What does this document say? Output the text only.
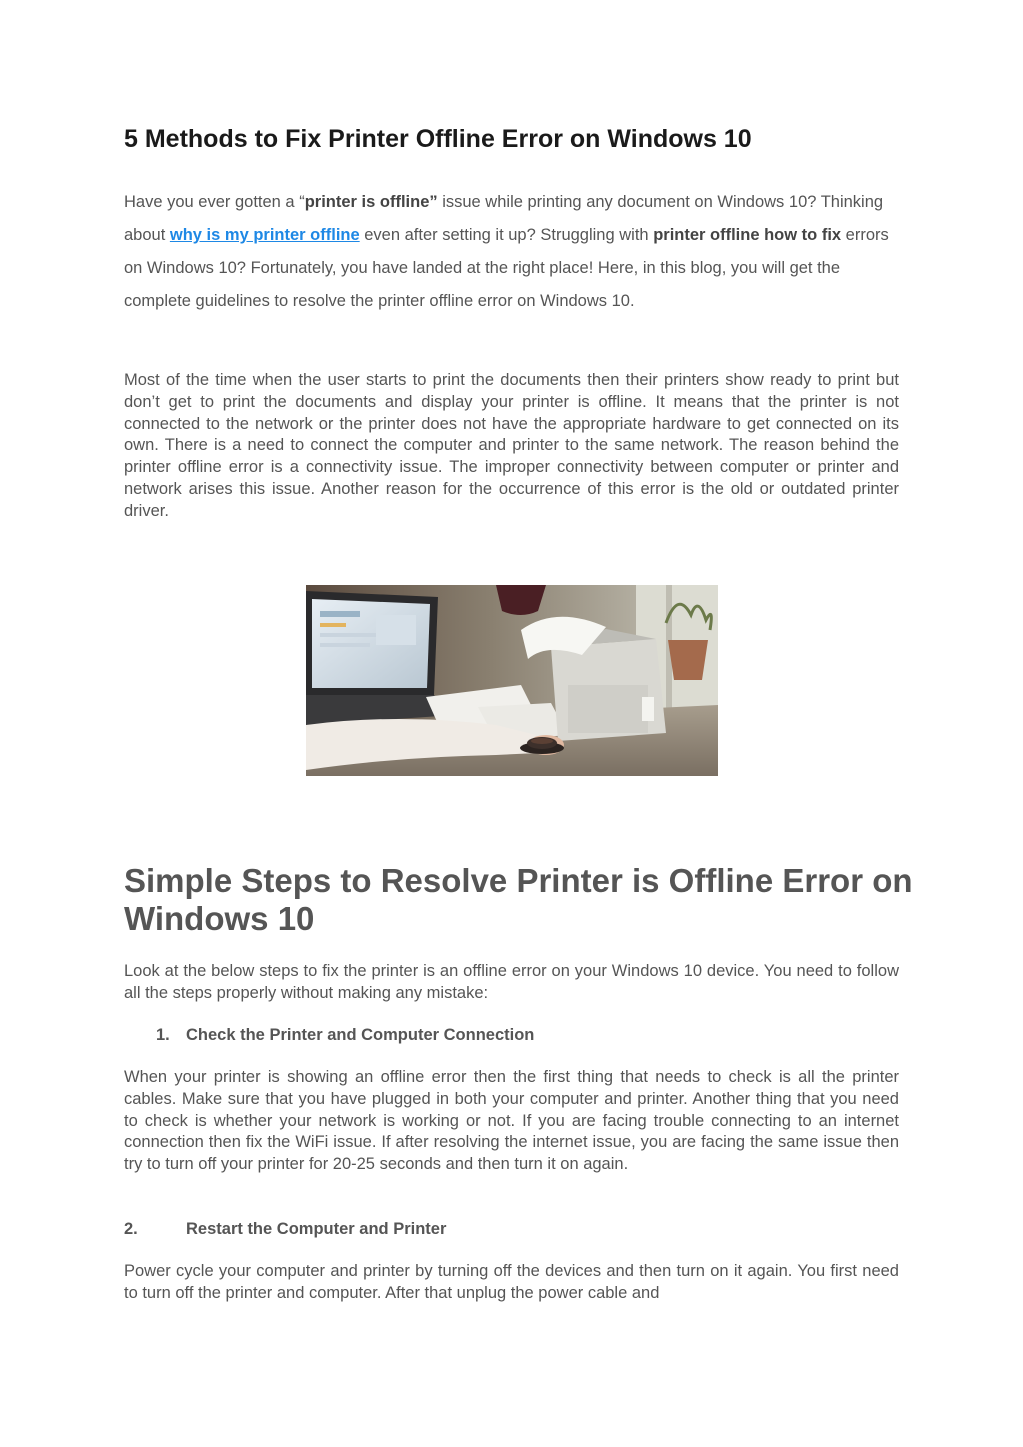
5 Methods to Fix Printer Offline Error on Windows 10

Have you ever gotten a “printer is offline” issue while printing any document on Windows 10? Thinking about why is my printer offline even after setting it up? Struggling with printer offline how to fix errors on Windows 10? Fortunately, you have landed at the right place! Here, in this blog, you will get the complete guidelines to resolve the printer offline error on Windows 10.

Most of the time when the user starts to print the documents then their printers show ready to print but don’t get to print the documents and display your printer is offline. It means that the printer is not connected to the network or the printer does not have the appropriate hardware to get connected on its own. There is a need to connect the computer and printer to the same network. The reason behind the printer offline error is a connectivity issue. The improper connectivity between computer or printer and network arises this issue. Another reason for the occurrence of this error is the old or outdated printer driver.

Simple Steps to Resolve Printer is Offline Error on Windows 10

Look at the below steps to fix the printer is an offline error on your Windows 10 device. You need to follow all the steps properly without making any mistake:

1. Check the Printer and Computer Connection

When your printer is showing an offline error then the first thing that needs to check is all the printer cables. Make sure that you have plugged in both your computer and printer. Another thing that you need to check is whether your network is working or not. If you are facing trouble connecting to an internet connection then fix the WiFi issue. If after resolving the internet issue, you are facing the same issue then try to turn off your printer for 20-25 seconds and then turn it on again.

2.	Restart the Computer and Printer

Power cycle your computer and printer by turning off the devices and then turn on it again. You first need to turn off the printer and computer. After that unplug the power cable and
